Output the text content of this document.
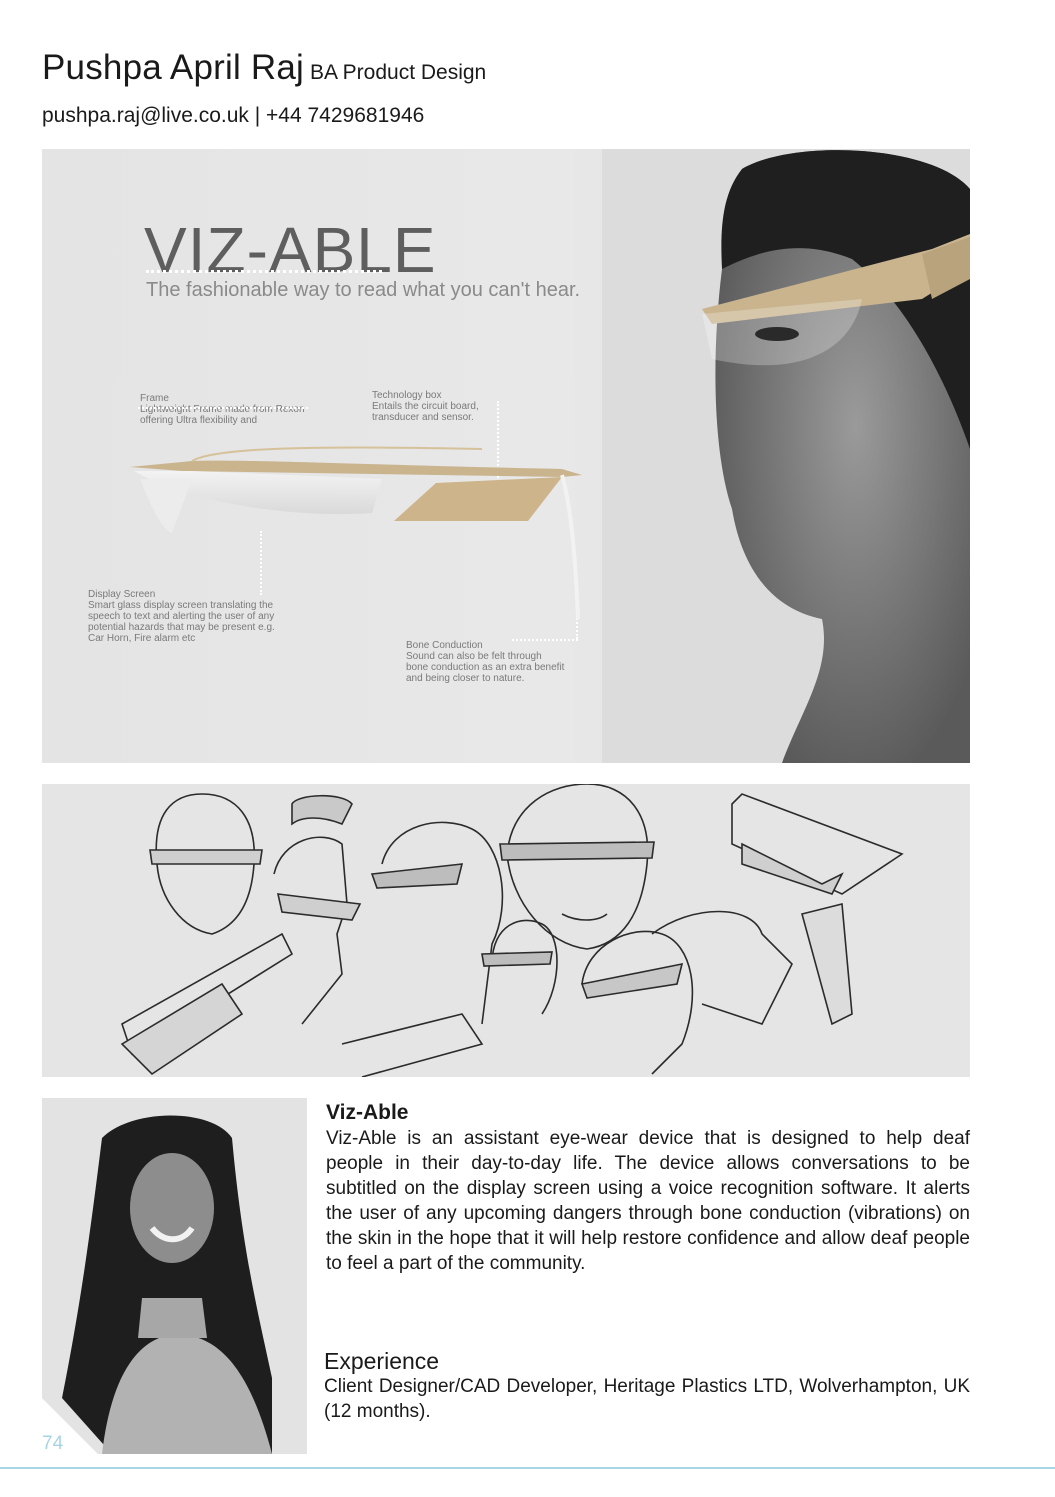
Pushpa April Raj BA Product Design
pushpa.raj@live.co.uk | +44 7429681946
VIZ-ABLE
The fashionable way to read what you can't hear.
Frame
Lightweight Frame made from Rexon offering Ultra flexibility and
Technology box
Entails the circuit board, transducer and sensor.
Display Screen
Smart glass display screen translating the speech to text and alerting the user of any potential hazards that may be present e.g. Car Horn, Fire alarm etc
Bone Conduction
Sound can also be felt through bone conduction as an extra benefit and being closer to nature.
Viz-Able

Viz-Able is an assistant eye-wear device that is designed to help deaf people in their day-to-day life. The device allows conversations to be subtitled on the display screen using a voice recognition software. It alerts the user of any upcoming dangers through bone conduction (vibrations) on the skin in the hope that it will help restore confidence and allow deaf people to feel a part of the community.

Experience
Client Designer/CAD Developer, Heritage Plastics LTD, Wolverhampton, UK (12 months).
74
